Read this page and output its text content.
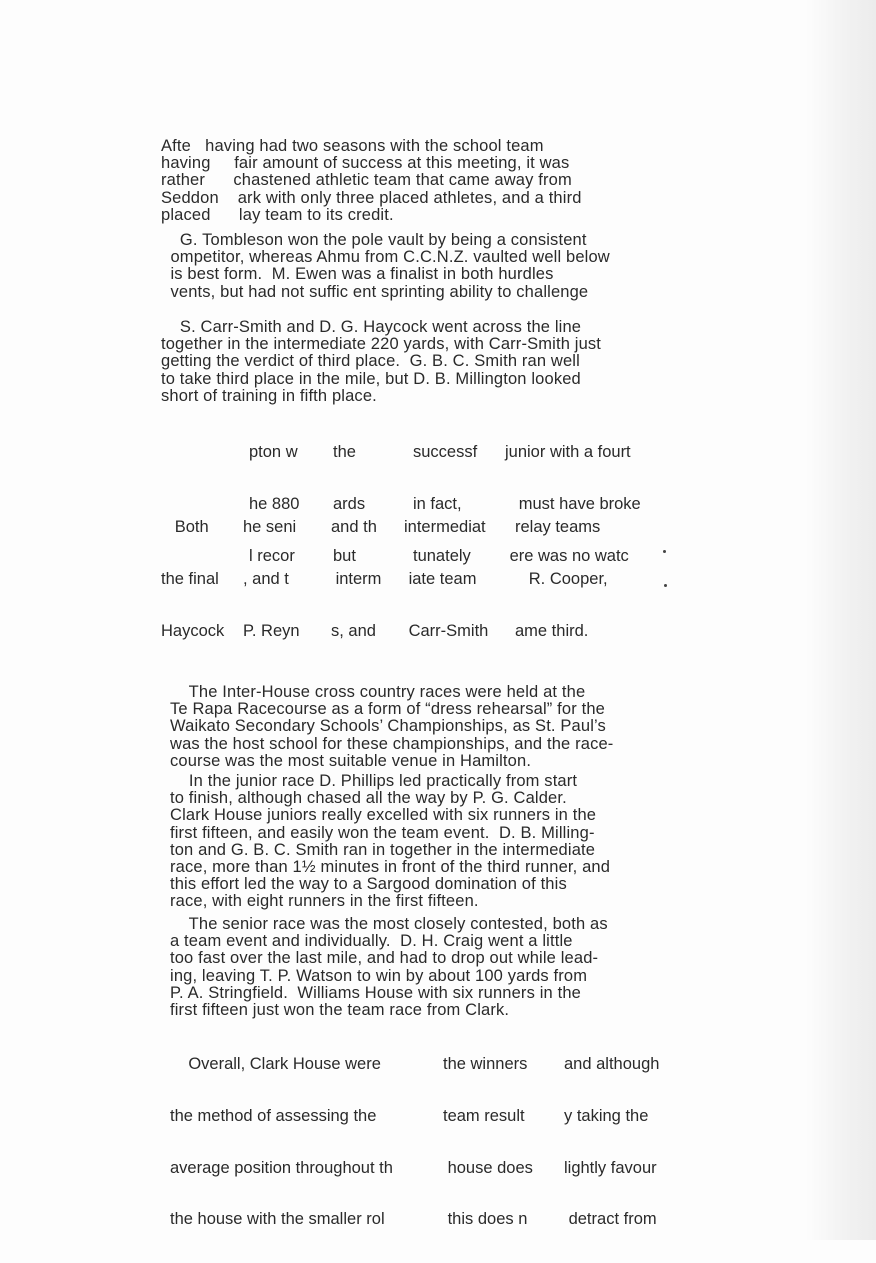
Afte   having had two seasons with the school team
having     fair amount of success at this meeting, it was
rather      chastened athletic team that came away from
Seddon    ark with only three placed athletes, and a third
placed      lay team to its credit.
G. Tombleson won the pole vault by being a consistent
ompetitor, whereas Ahmu from C.C.N.Z. vaulted well below
is best form.  M. Ewen was a finalist in both hurdles
vents, but had not suffic ent sprinting ability to challenge
S. Carr-Smith and D. G. Haycock went across the line
together in the intermediate 220 yards, with Carr-Smith just
getting the verdict of third place.  G. B. C. Smith ran well
to take third place in the mile, but D. B. Millington looked
short of training in fifth place.

pton w

he 880

l recor

the

ards

but

successf

in fact,

tunately

junior with a fourt

must have broke

ere was no watc

Both

the final

Haycock

he seni

, and t

P. Reyn

and th

interm

s, and

intermediat

iate team

Carr-Smith

relay teams

R. Cooper,

ame third.

The Inter-House cross country races were held at the
Te Rapa Racecourse as a form of “dress rehearsal” for the
Waikato Secondary Schools’ Championships, as St. Paul’s
was the host school for these championships, and the race-
course was the most suitable venue in Hamilton.
In the junior race D. Phillips led practically from start
to finish, although chased all the way by P. G. Calder.
Clark House juniors really excelled with six runners in the
first fifteen, and easily won the team event.  D. B. Milling-
ton and G. B. C. Smith ran in together in the intermediate
race, more than 1½ minutes in front of the third runner, and
this effort led the way to a Sargood domination of this
race, with eight runners in the first fifteen.
The senior race was the most closely contested, both as
a team event and individually.  D. H. Craig went a little
too fast over the last mile, and had to drop out while lead-
ing, leaving T. P. Watson to win by about 100 yards from
P. A. Stringfield.  Williams House with six runners in the
first fifteen just won the team race from Clark.

Overall, Clark House were

the method of assessing the

average position throughout th

the house with the smaller rol

the winners

team result

house does

this does n

and although

y taking the

lightly favour

detract from
